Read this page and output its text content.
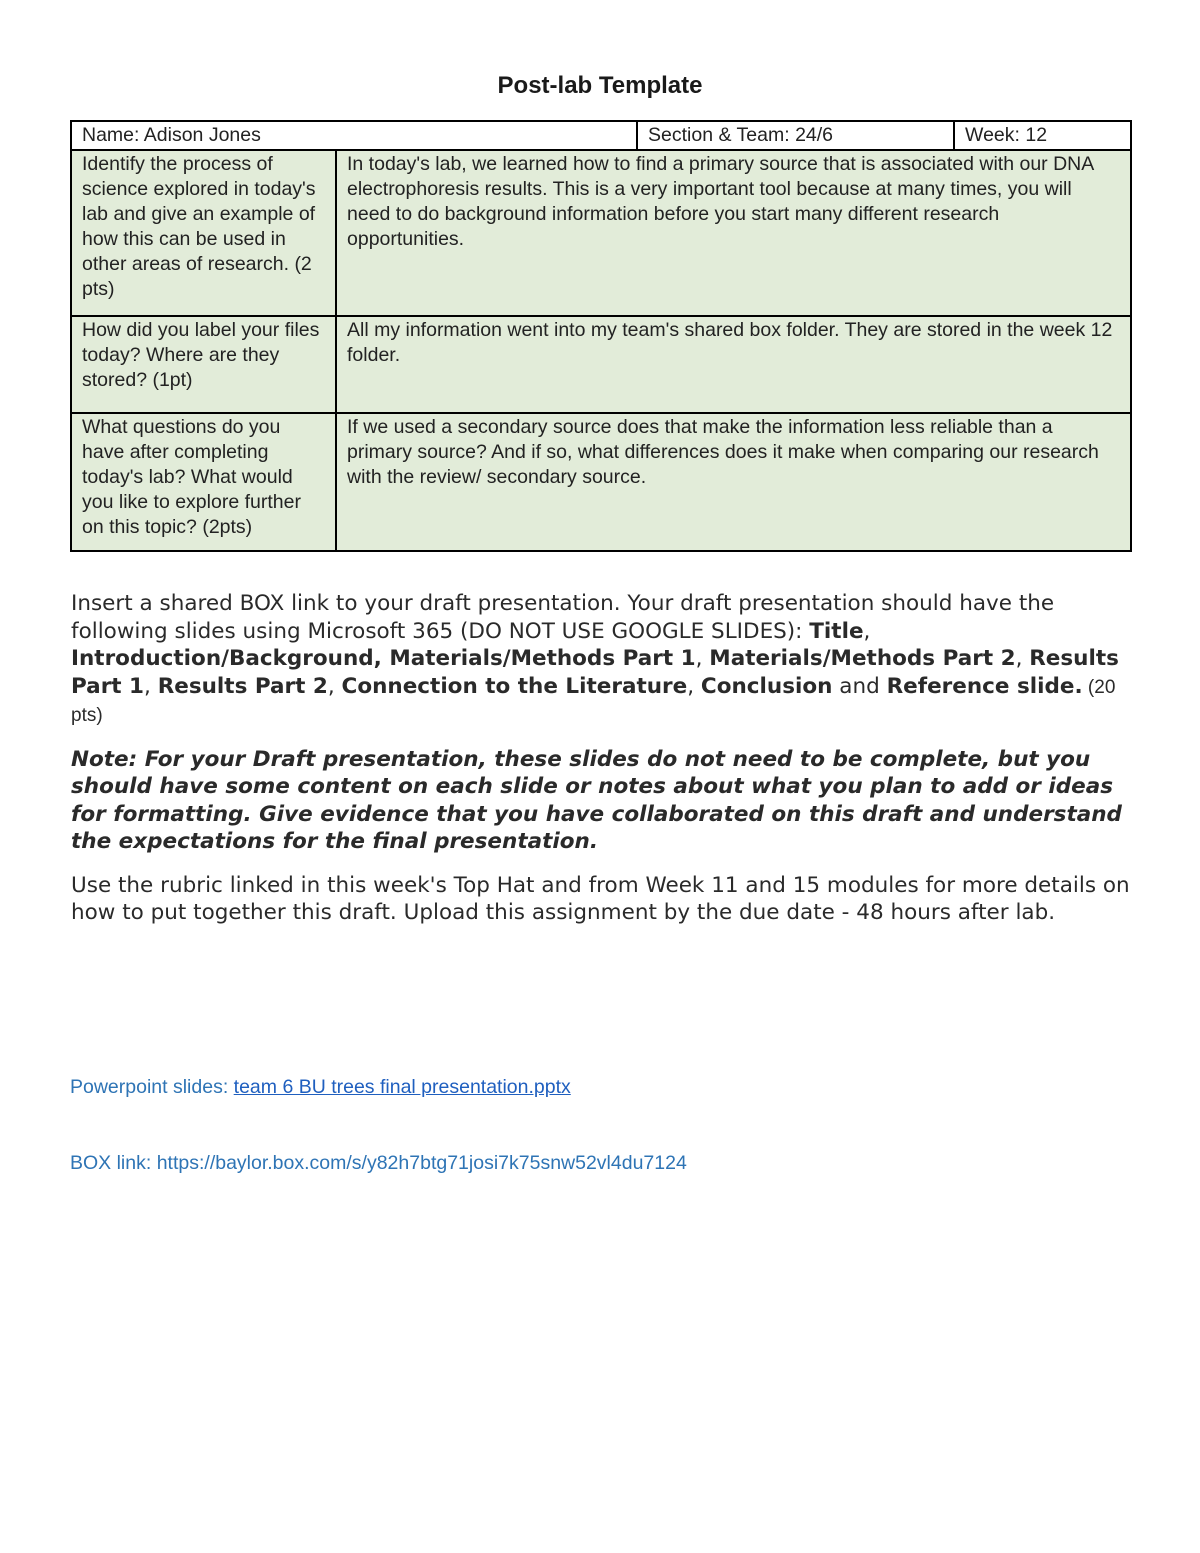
Post-lab Template
Name: Adison Jones		Section & Team: 24/6	Week: 12
Identify the process of science explored in today's lab and give an example of how this can be used in other areas of research. (2 pts)	In today's lab, we learned how to find a primary source that is associated with our DNA electrophoresis results. This is a very important tool because at many times, you will need to do background information before you start many different research opportunities.		
How did you label your files today? Where are they stored? (1pt)	All my information went into my team's shared box folder. They are stored in the week 12 folder.		
What questions do you have after completing today's lab? What would you like to explore further on this topic? (2pts)	If we used a secondary source does that make the information less reliable than a primary source? And if so, what differences does it make when comparing our research with the review/ secondary source.		

Insert a shared BOX link to your draft presentation. Your draft presentation should have the following slides using Microsoft 365 (DO NOT USE GOOGLE SLIDES): Title, Introduction/Background, Materials/Methods Part 1, Materials/Methods Part 2, Results Part 1, Results Part 2, Connection to the Literature, Conclusion and Reference slide. (20 pts)

Note: For your Draft presentation, these slides do not need to be complete, but you should have some content on each slide or notes about what you plan to add or ideas for formatting. Give evidence that you have collaborated on this draft and understand the expectations for the final presentation.

Use the rubric linked in this week's Top Hat and from Week 11 and 15 modules for more details on how to put together this draft. Upload this assignment by the due date - 48 hours after lab.

Powerpoint slides: team 6 BU trees final presentation.pptx
BOX link: https://baylor.box.com/s/y82h7btg71josi7k75snw52vl4du7124
